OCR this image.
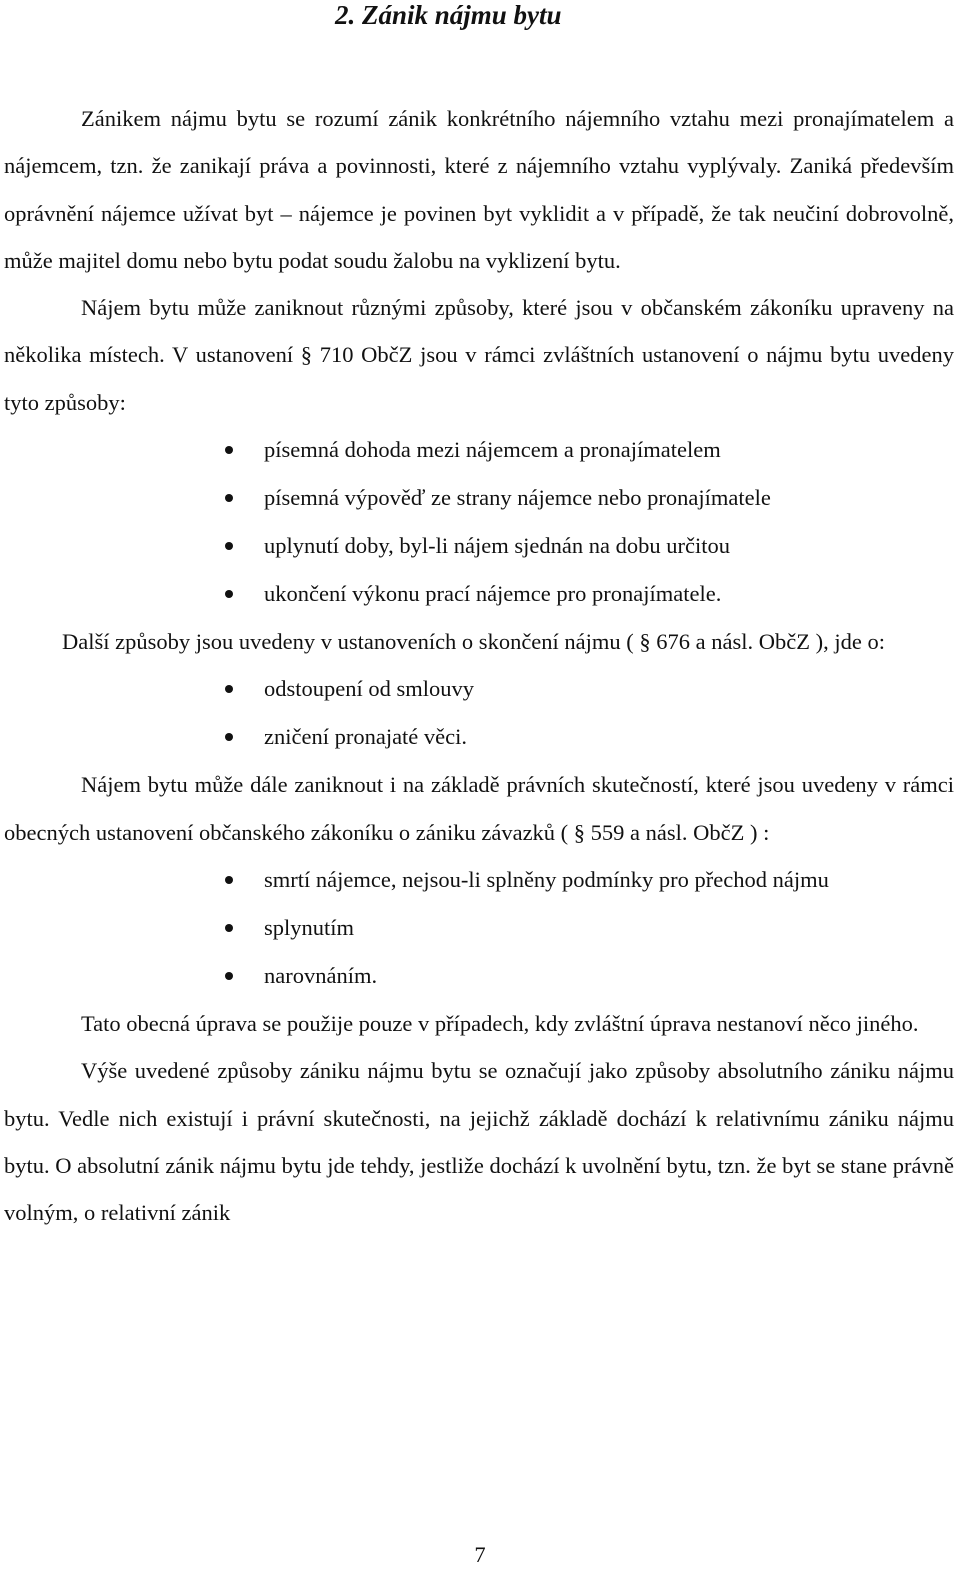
2. Zánik nájmu bytu

Zánikem nájmu bytu se rozumí zánik konkrétního nájemního vztahu mezi pronajímatelem a nájemcem, tzn. že zanikají práva a povinnosti, které z nájemního vztahu vyplývaly. Zaniká především oprávnění nájemce užívat byt – nájemce je povinen byt vyklidit a v případě, že tak neučiní dobrovolně, může majitel domu nebo bytu podat soudu žalobu na vyklizení bytu.

Nájem bytu může zaniknout různými způsoby, které jsou v občanském zákoníku upraveny na několika místech. V ustanovení § 710 ObčZ jsou v rámci zvláštních ustanovení o nájmu bytu uvedeny tyto způsoby:

písemná dohoda mezi nájemcem a pronajímatelem
písemná výpověď ze strany nájemce nebo pronajímatele
uplynutí doby, byl-li nájem sjednán na dobu určitou
ukončení výkonu prací nájemce pro pronajímatele.

Další způsoby jsou uvedeny v ustanoveních o skončení nájmu ( § 676 a násl. ObčZ ), jde o:

odstoupení od smlouvy
zničení pronajaté věci.

Nájem bytu může dále zaniknout i na základě právních skutečností, které jsou uvedeny v rámci obecných ustanovení občanského zákoníku o zániku závazků ( § 559 a násl. ObčZ ) :

smrtí nájemce, nejsou-li splněny podmínky pro přechod nájmu
splynutím
narovnáním.

Tato obecná úprava se použije pouze v případech, kdy zvláštní úprava nestanoví něco jiného.

Výše uvedené způsoby zániku nájmu bytu se označují jako způsoby absolutního zániku nájmu bytu. Vedle nich existují i právní skutečnosti, na jejichž základě dochází k relativnímu zániku nájmu bytu. O absolutní zánik nájmu bytu jde tehdy, jestliže dochází k uvolnění bytu, tzn. že byt se stane právně volným, o relativní zánik

7
